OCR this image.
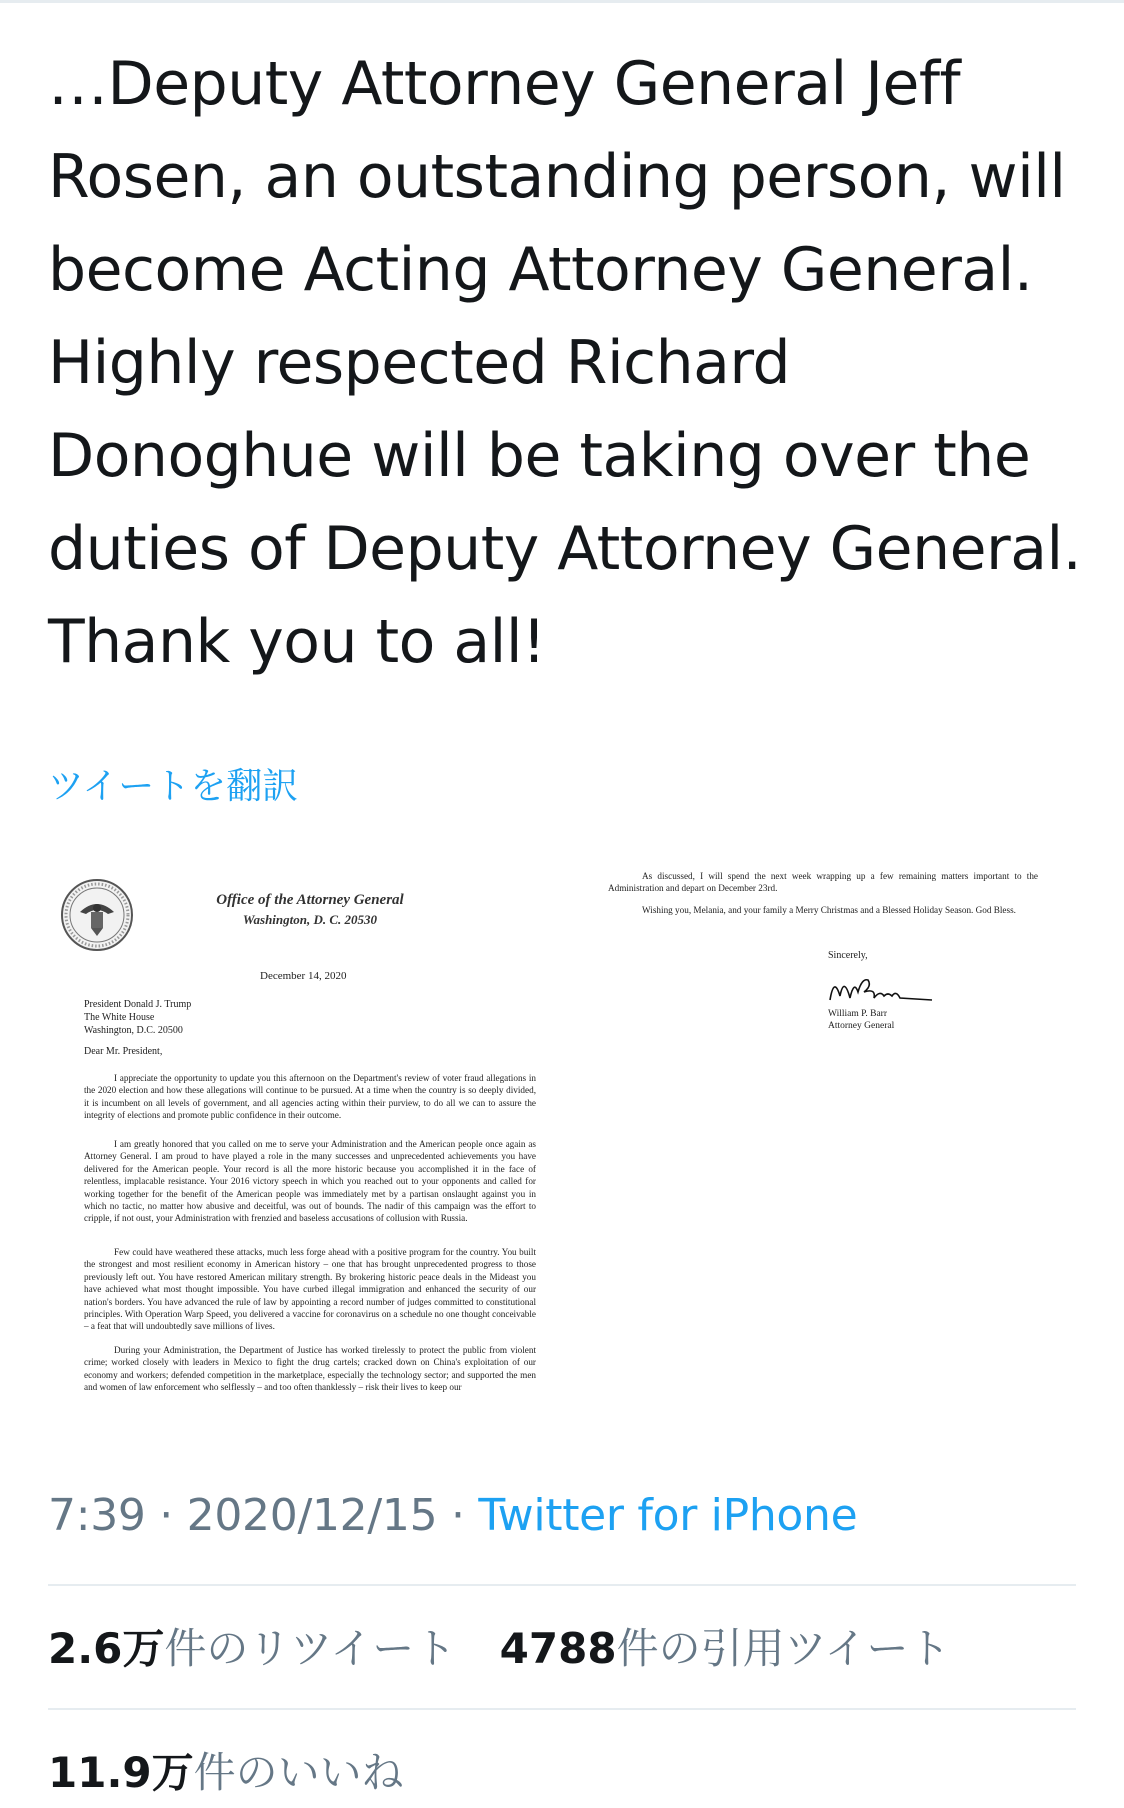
…Deputy Attorney General Jeff Rosen, an outstanding person, will become Acting Attorney General. Highly respected Richard Donoghue will be taking over the duties of Deputy Attorney General. Thank you to all!

ツイートを翻訳
Office of the Attorney General
Washington, D. C. 20530
December 14, 2020
President Donald J. Trump
The White House
Washington, D.C. 20500
Dear Mr. President,

I appreciate the opportunity to update you this afternoon on the Department's review of voter fraud allegations in the 2020 election and how these allegations will continue to be pursued. At a time when the country is so deeply divided, it is incumbent on all levels of government, and all agencies acting within their purview, to do all we can to assure the integrity of elections and promote public confidence in their outcome.

I am greatly honored that you called on me to serve your Administration and the American people once again as Attorney General. I am proud to have played a role in the many successes and unprecedented achievements you have delivered for the American people. Your record is all the more historic because you accomplished it in the face of relentless, implacable resistance. Your 2016 victory speech in which you reached out to your opponents and called for working together for the benefit of the American people was immediately met by a partisan onslaught against you in which no tactic, no matter how abusive and deceitful, was out of bounds. The nadir of this campaign was the effort to cripple, if not oust, your Administration with frenzied and baseless accusations of collusion with Russia.

Few could have weathered these attacks, much less forge ahead with a positive program for the country. You built the strongest and most resilient economy in American history – one that has brought unprecedented progress to those previously left out. You have restored American military strength. By brokering historic peace deals in the Mideast you have achieved what most thought impossible. You have curbed illegal immigration and enhanced the security of our nation's borders. You have advanced the rule of law by appointing a record number of judges committed to constitutional principles. With Operation Warp Speed, you delivered a vaccine for coronavirus on a schedule no one thought conceivable – a feat that will undoubtedly save millions of lives.

During your Administration, the Department of Justice has worked tirelessly to protect the public from violent crime; worked closely with leaders in Mexico to fight the drug cartels; cracked down on China's exploitation of our economy and workers; defended competition in the marketplace, especially the technology sector; and supported the men and women of law enforcement who selflessly – and too often thanklessly – risk their lives to keep our

As discussed, I will spend the next week wrapping up a few remaining matters important to the Administration and depart on December 23rd.

Wishing you, Melania, and your family a Merry Christmas and a Blessed Holiday Season. God Bless.

Sincerely,
William P. Barr
Attorney General
7:39 · 2020/12/15 · Twitter for iPhone
2.6万件のリツイート 4788件の引用ツイート
11.9万件のいいね
